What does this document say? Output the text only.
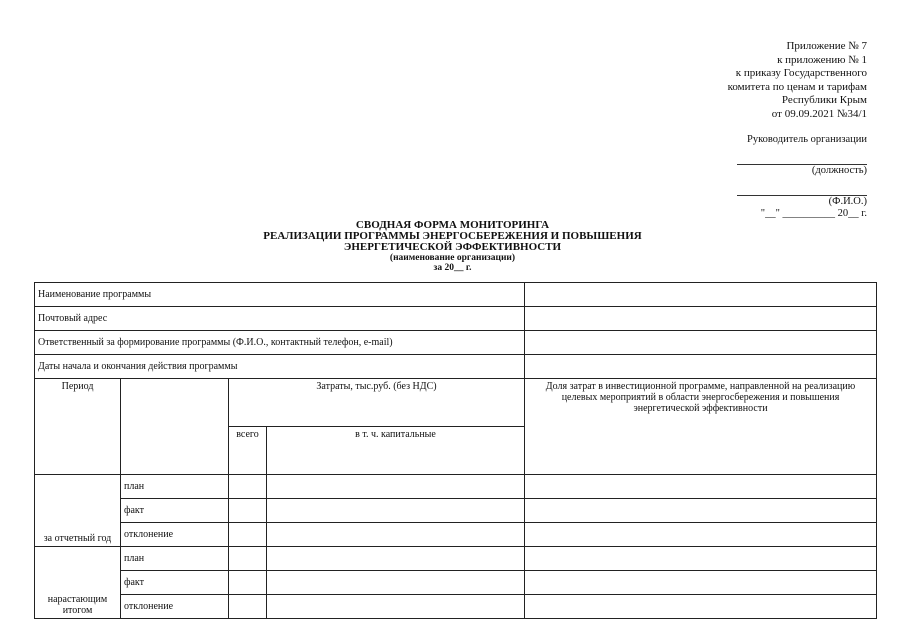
Приложение № 7
к приложению № 1
к приказу Государственного
комитета по ценам и тарифам
Республики Крым
от 09.09.2021 №34/1
Руководитель организации
(должность)
(Ф.И.О.)
"__" __________ 20__ г.
СВОДНАЯ ФОРМА МОНИТОРИНГА
РЕАЛИЗАЦИИ ПРОГРАММЫ ЭНЕРГОСБЕРЕЖЕНИЯ И ПОВЫШЕНИЯ
ЭНЕРГЕТИЧЕСКОЙ ЭФФЕКТИВНОСТИ
(наименование организации)
за 20__ г.
Наименование программы				
Почтовый адрес				
Ответственный за формирование программы (Ф.И.О., контактный телефон, e-mail)				
Даты начала и окончания действия программы				
Период		Затраты, тыс.руб. (без НДС)		Доля затрат в инвестиционной программе, направленной на реализацию целевых мероприятий в области энергосбережения и повышения энергетической эффективности
		всего	в т. ч. капитальные	
за отчетный год	план			
	факт			
	отклонение			
нарастающим итогом	план			
	факт			
	отклонение			
